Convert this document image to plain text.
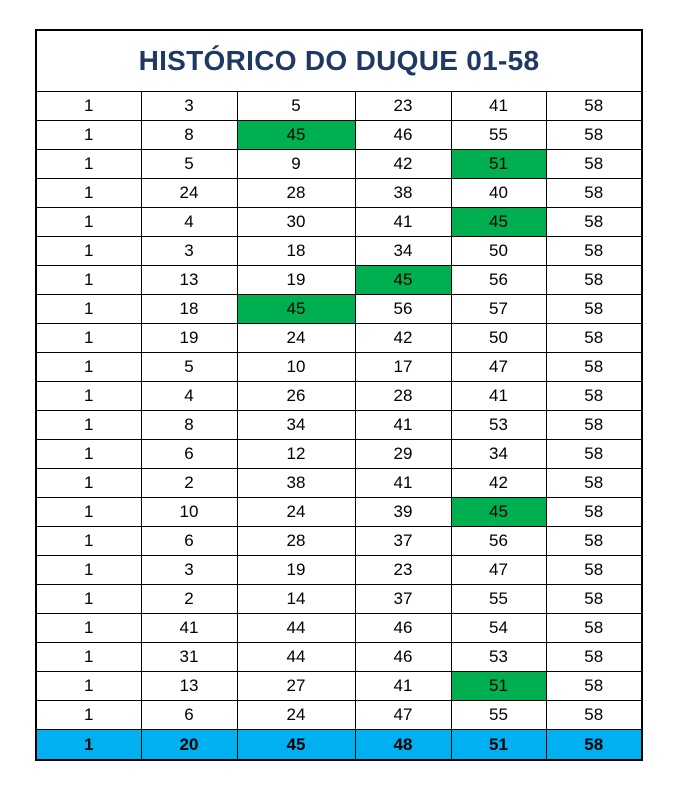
HISTÓRICO DO DUQUE 01-58
1	3	5	23	41	58
1	8	45	46	55	58
1	5	9	42	51	58
1	24	28	38	40	58
1	4	30	41	45	58
1	3	18	34	50	58
1	13	19	45	56	58
1	18	45	56	57	58
1	19	24	42	50	58
1	5	10	17	47	58
1	4	26	28	41	58
1	8	34	41	53	58
1	6	12	29	34	58
1	2	38	41	42	58
1	10	24	39	45	58
1	6	28	37	56	58
1	3	19	23	47	58
1	2	14	37	55	58
1	41	44	46	54	58
1	31	44	46	53	58
1	13	27	41	51	58
1	6	24	47	55	58
1	20	45	48	51	58
